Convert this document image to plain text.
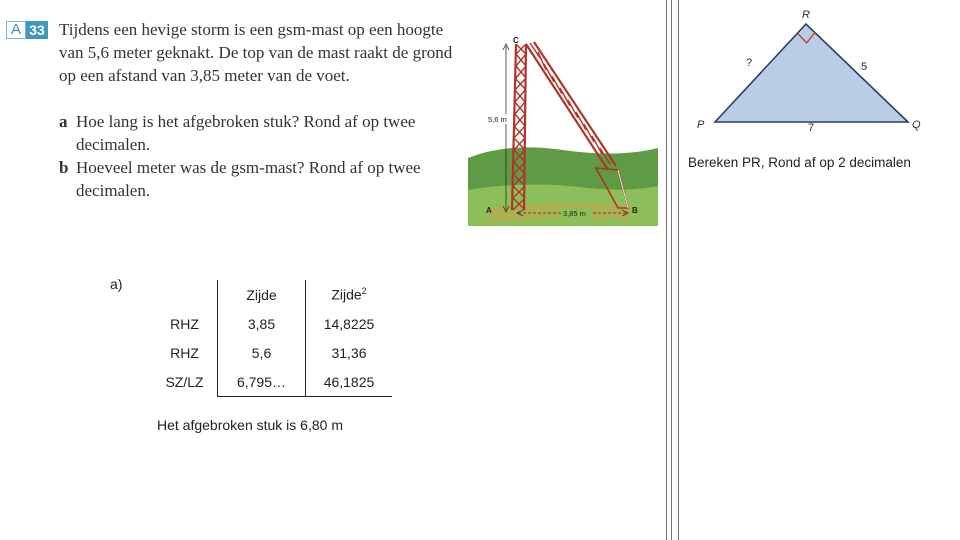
A 33 Tijdens een hevige storm is een gsm-mast op een hoogte van 5,6 meter geknakt. De top van de mast raakt de grond op een afstand van 3,85 meter van de voet.
a Hoe lang is het afgebroken stuk? Rond af op twee decimalen.
b Hoeveel meter was de gsm-mast? Rond af op twee decimalen.
C
A	B
5,6 m
3,85 m
R
P	Q
?	5
7
Bereken PR, Rond af op 2 decimalen
a)
	Zijde	Zijde$^2$
RHZ	3,85	14,8225
RHZ	5,6	31,36
SZ/LZ	6,795…	46,1825
Het afgebroken stuk is 6,80 m
